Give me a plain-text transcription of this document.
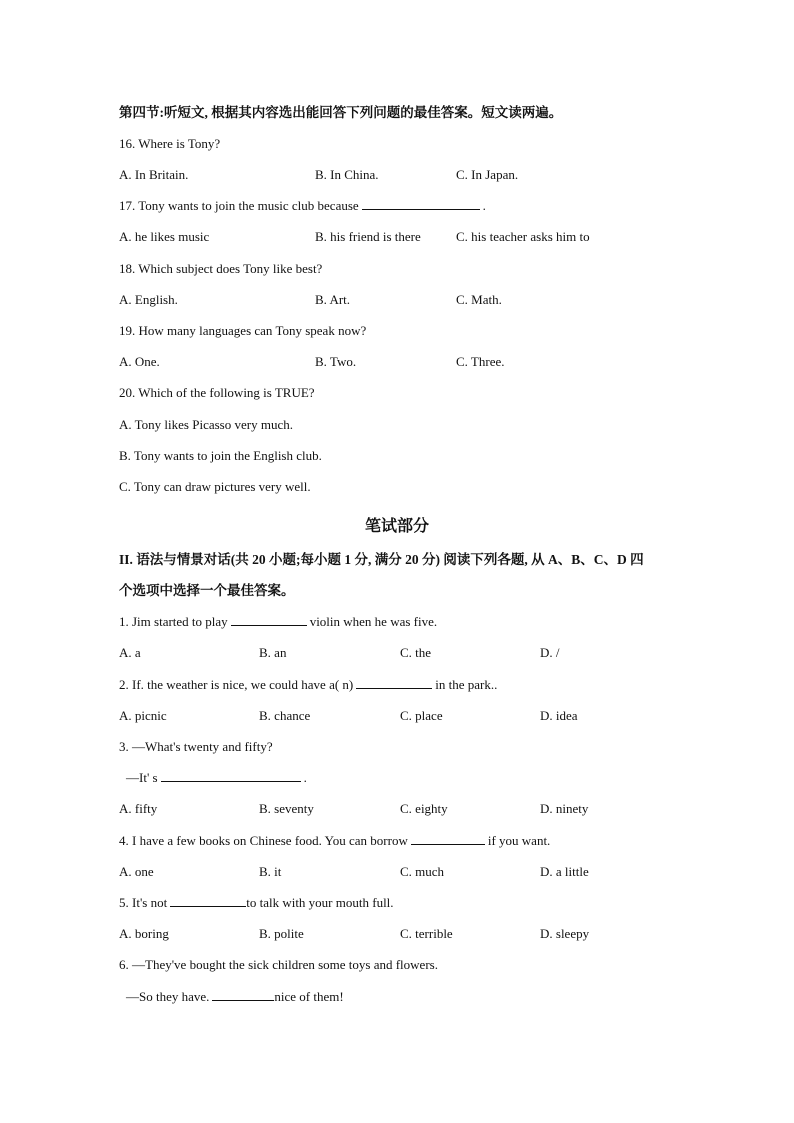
第四节:听短文, 根据其内容选出能回答下列问题的最佳答案。短文读两遍。
16. Where is Tony?
A. In Britain.	B. In China.	C. In Japan.
17. Tony wants to join the music club because	.
A. he likes music	B. his friend is there	C. his teacher asks him to
18. Which subject does Tony like best?
A. English.	B. Art.	C. Math.
19. How many languages can Tony speak now?
A. One.	B. Two.	C. Three.
20. Which of the following is TRUE?
A. Tony likes Picasso very much.
B. Tony wants to join the English club.
C. Tony can draw pictures very well.
笔试部分
II. 语法与情景对话(共 20 小题;每小题 1 分, 满分 20 分) 阅读下列各题, 从 A、B、C、D 四
个选项中选择一个最佳答案。
1. Jim started to play	violin when he was five.
A. a	B. an	C. the	D. /
2. If. the weather is nice, we could have a( n)	in the park..
A. picnic	B. chance	C. place	D. idea
3. —What's twenty and fifty?
—It' s	.
A. fifty	B. seventy	C. eighty	D. ninety
4. I have a few books on Chinese food. You can borrow	if you want.
A. one	B. it	C. much	D. a little
5. It's not	to talk with your mouth full.
A. boring	B. polite	C. terrible	D. sleepy
6. —They've bought the sick children some toys and flowers.
—So they have.	nice of them!
